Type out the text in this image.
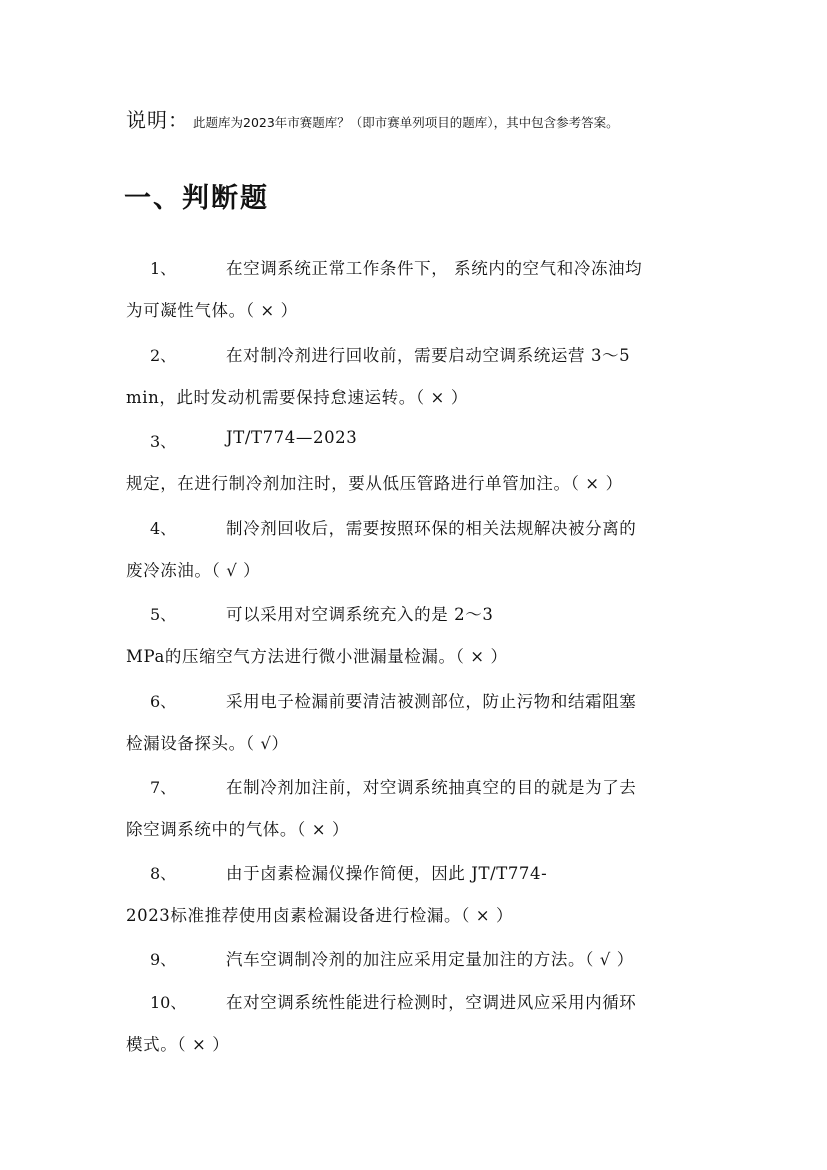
说明： 此题库为2023年市赛题库？（即市赛单列项目的题库），其中包含参考答案。
一、判断题
1、	在空调系统正常工作条件下， 系统内的空气和冷冻油均
为可凝性气体。（ × ）
2、	在对制冷剂进行回收前，需要启动空调系统运营 3～5
min，此时发动机需要保持怠速运转。（ × ）
3、	JT/T774—2023
规定，在进行制冷剂加注时，要从低压管路进行单管加注。（ × ）
4、	制冷剂回收后，需要按照环保的相关法规解决被分离的
废冷冻油。（ √ ）
5、	可以采用对空调系统充入的是 2～3
MPa的压缩空气方法进行微小泄漏量检漏。（ × ）
6、	采用电子检漏前要清洁被测部位，防止污物和结霜阻塞
检漏设备探头。（ √）
7、	在制冷剂加注前，对空调系统抽真空的目的就是为了去
除空调系统中的气体。（ × ）
8、	由于卤素检漏仪操作简便，因此 JT/T774-
2023标准推荐使用卤素检漏设备进行检漏。（ × ）
9、	汽车空调制冷剂的加注应采用定量加注的方法。（ √ ）
10、 在对空调系统性能进行检测时，空调进风应采用内循环
模式。（ × ）
